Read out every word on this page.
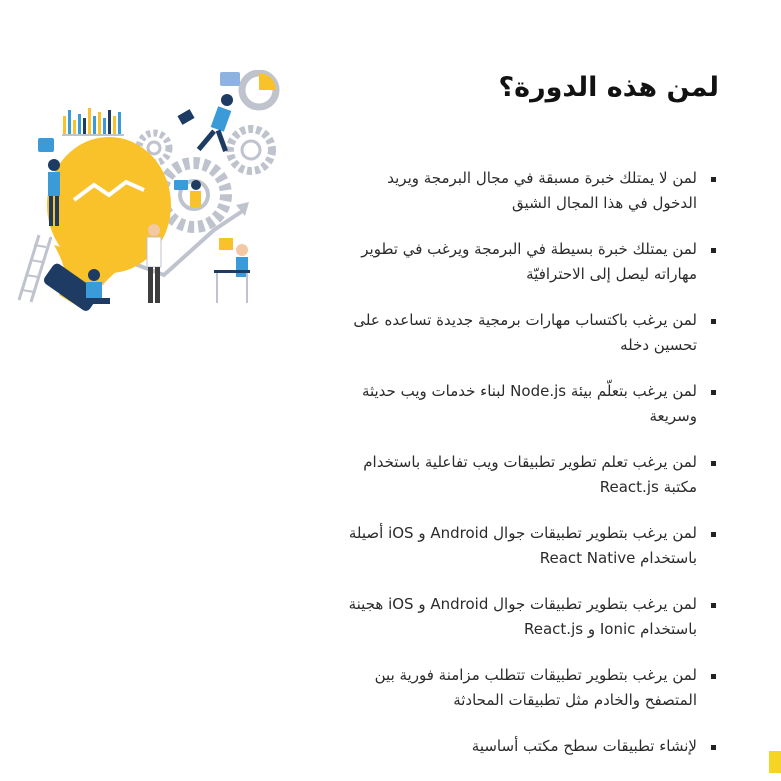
لمن هذه الدورة؟
لمن لا يمتلك خبرة مسبقة في مجال البرمجة ويريد الدخول في هذا المجال الشيق
لمن يمتلك خبرة بسيطة في البرمجة ويرغب في تطوير مهاراته ليصل إلى الاحترافيّة
لمن يرغب باكتساب مهارات برمجية جديدة تساعده على تحسين دخله
لمن يرغب بتعلّم بيئة Node.js لبناء خدمات ويب حديثة وسريعة
لمن يرغب تعلم تطوير تطبيقات ويب تفاعلية باستخدام مكتبة React.js
لمن يرغب بتطوير تطبيقات جوال Android و iOS أصيلة باستخدام React Native
لمن يرغب بتطوير تطبيقات جوال Android و iOS هجينة باستخدام Ionic و React.js
لمن يرغب بتطوير تطبيقات تتطلب مزامنة فورية بين المتصفح والخادم مثل تطبيقات المحادثة
لإنشاء تطبيقات سطح مكتب أساسية
